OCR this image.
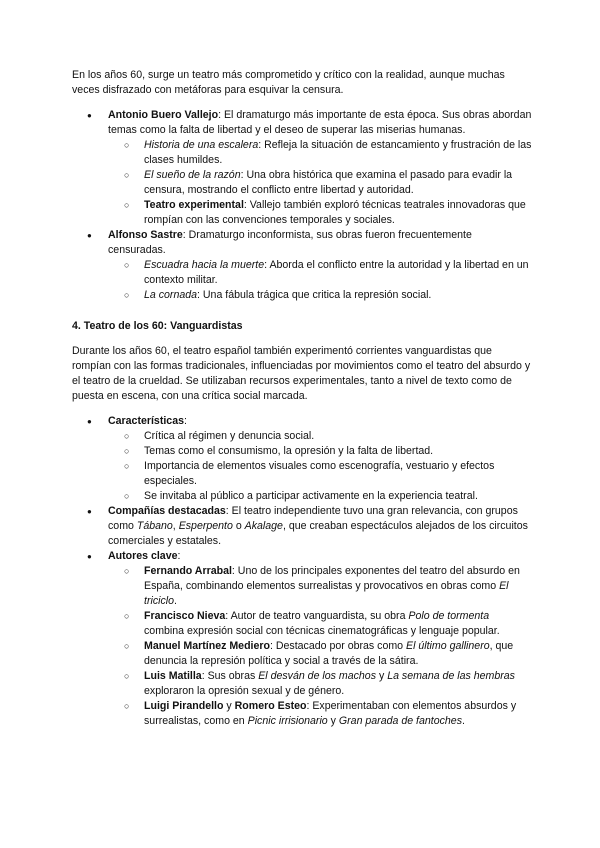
En los años 60, surge un teatro más comprometido y crítico con la realidad, aunque muchas veces disfrazado con metáforas para esquivar la censura.

● Antonio Buero Vallejo: El dramaturgo más importante de esta época. Sus obras abordan temas como la falta de libertad y el deseo de superar las miserias humanas.
○ Historia de una escalera: Refleja la situación de estancamiento y frustración de las clases humildes.
○ El sueño de la razón: Una obra histórica que examina el pasado para evadir la censura, mostrando el conflicto entre libertad y autoridad.
○ Teatro experimental: Vallejo también exploró técnicas teatrales innovadoras que rompían con las convenciones temporales y sociales.
● Alfonso Sastre: Dramaturgo inconformista, sus obras fueron frecuentemente censuradas.
○ Escuadra hacia la muerte: Aborda el conflicto entre la autoridad y la libertad en un contexto militar.
○ La cornada: Una fábula trágica que critica la represión social.

4. Teatro de los 60: Vanguardistas

Durante los años 60, el teatro español también experimentó corrientes vanguardistas que rompían con las formas tradicionales, influenciadas por movimientos como el teatro del absurdo y el teatro de la crueldad. Se utilizaban recursos experimentales, tanto a nivel de texto como de puesta en escena, con una crítica social marcada.

● Características:
○ Crítica al régimen y denuncia social.
○ Temas como el consumismo, la opresión y la falta de libertad.
○ Importancia de elementos visuales como escenografía, vestuario y efectos especiales.
○ Se invitaba al público a participar activamente en la experiencia teatral.
● Compañías destacadas: El teatro independiente tuvo una gran relevancia, con grupos como Tábano, Esperpento o Akalage, que creaban espectáculos alejados de los circuitos comerciales y estatales.
● Autores clave:
○ Fernando Arrabal: Uno de los principales exponentes del teatro del absurdo en España, combinando elementos surrealistas y provocativos en obras como El triciclo.
○ Francisco Nieva: Autor de teatro vanguardista, su obra Polo de tormenta combina expresión social con técnicas cinematográficas y lenguaje popular.
○ Manuel Martínez Mediero: Destacado por obras como El último gallinero, que denuncia la represión política y social a través de la sátira.
○ Luis Matilla: Sus obras El desván de los machos y La semana de las hembras exploraron la opresión sexual y de género.
○ Luigi Pirandello y Romero Esteo: Experimentaban con elementos absurdos y surrealistas, como en Picnic irrisionario y Gran parada de fantoches.
